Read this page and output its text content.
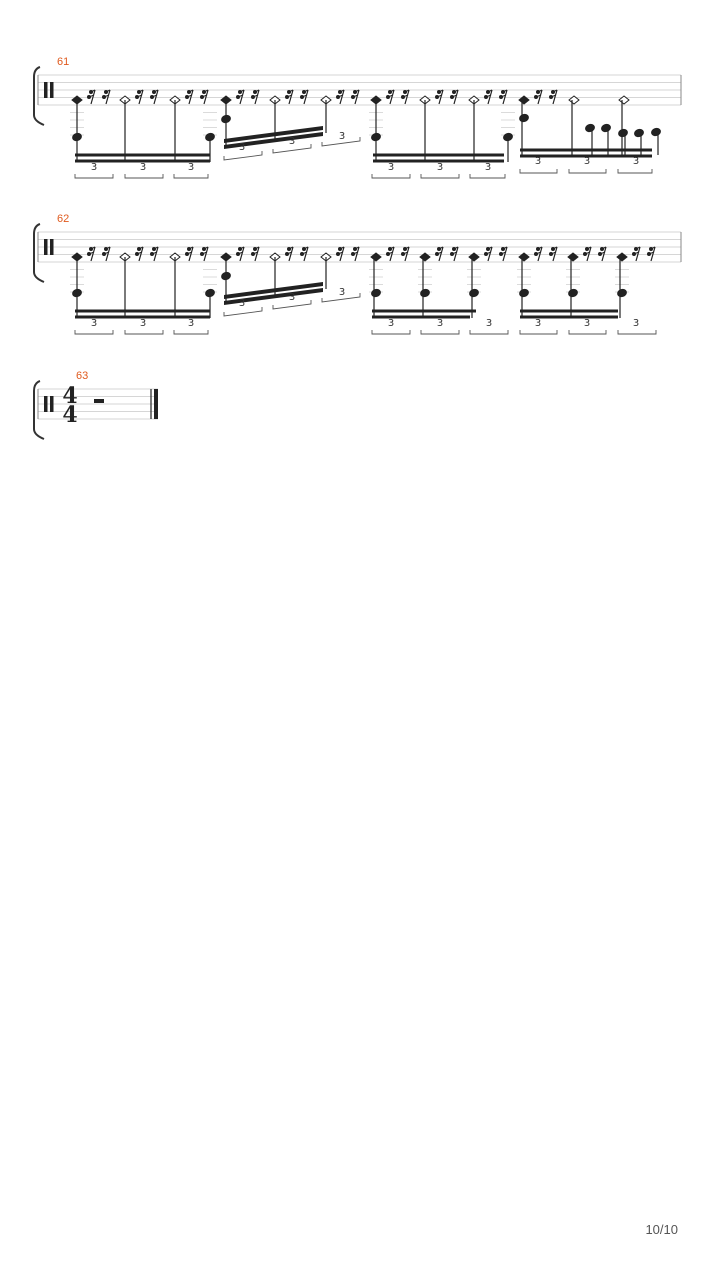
61
3	3	3
3
3	3
3	3	3
3	3	3
62
3	3	3
3
3	3
3	3	3	3	3	3
63
4
4
10/10
